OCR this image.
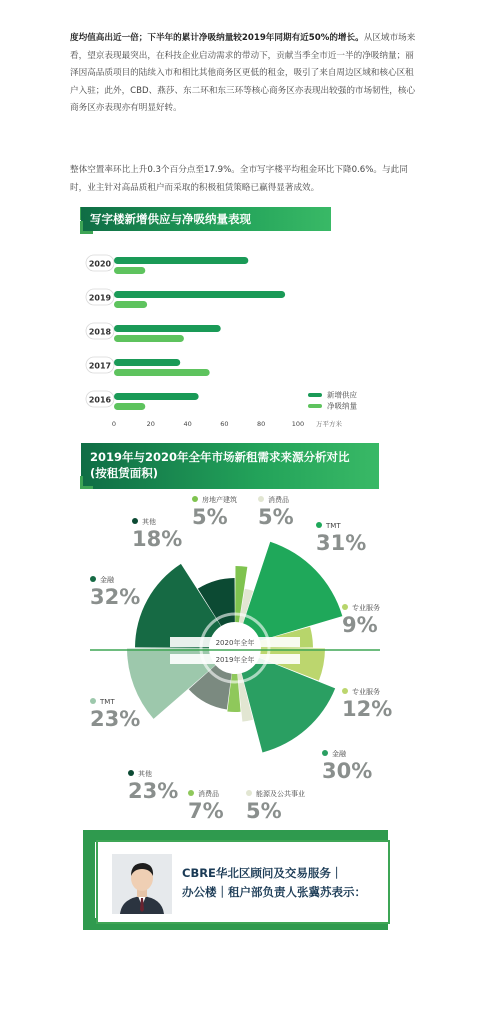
度均值高出近一倍；下半年的累计净吸纳量较2019年同期有近50%的增长。从区域市场来看，望京表现最突出，在科技企业启动需求的带动下，贡献当季全市近一半的净吸纳量；丽泽因高品质项目的陆续入市和相比其他商务区更低的租金，吸引了来自周边区域和核心区租户入驻；此外，CBD、燕莎、东二环和东三环等核心商务区亦表现出较强的市场韧性，核心商务区亦表现亦有明显好转。

整体空置率环比上升0.3个百分点至17.9%。全市写字楼平均租金环比下降0.6%。与此同时，业主针对高品质租户而采取的积极租赁策略已赢得显著成效。

写字楼新增供应与净吸纳量表现

2020
2019
2018
2017
2016
0	20	40	60	80	100 万平方米
新增供应
净吸纳量

2019年与2020年全年市场新租需求来源分析对比

(按租赁面积)

2020年全年
2019年全年
房地产建筑
5%
消费品
5%
其他
18%
TMT
31%
金融
32%	专业服务
9%
专业服务
12%
TMT
23%
金融
30%
其他
23%	消费品
7%
能源及公共事业
5%

CBRE华北区顾问及交易服务｜
办公楼｜租户部负责人张冀苏表示：
